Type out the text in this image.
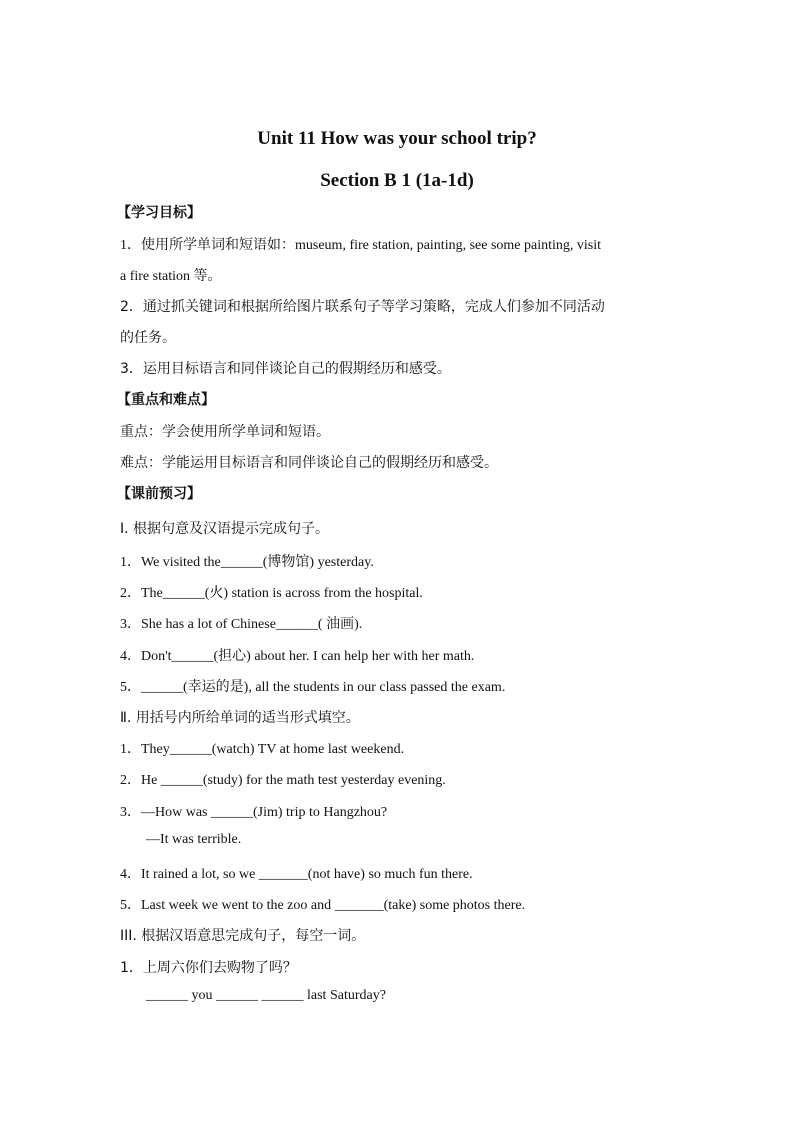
Unit 11 How was your school trip?
Section B 1 (1a-1d)
【学习目标】
1．使用所学单词和短语如：museum, fire station, painting, see some painting, visit
a fire station 等。
2．通过抓关键词和根据所给图片联系句子等学习策略，完成人们参加不同活动
的任务。
3．运用目标语言和同伴谈论自己的假期经历和感受。
【重点和难点】
重点：学会使用所学单词和短语。
难点：学能运用目标语言和同伴谈论自己的假期经历和感受。
【课前预习】
Ⅰ. 根据句意及汉语提示完成句子。
1．We visited the______(博物馆) yesterday.
2．The______(火) station is across from the hospital.
3．She has a lot of Chinese______( 油画).
4．Don't______(担心) about her. I can help her with her math.
5．______(幸运的是), all the students in our class passed the exam.
Ⅱ. 用括号内所给单词的适当形式填空。
1．They______(watch) TV at home last weekend.
2．He ______(study) for the math test yesterday evening.
3．—How was ______(Jim) trip to Hangzhou?
—It was terrible.
4．It rained a lot, so we _______(not have) so much fun there.
5．Last week we went to the zoo and _______(take) some photos there.
III. 根据汉语意思完成句子，每空一词。
1．上周六你们去购物了吗？
______ you ______ ______ last Saturday?
